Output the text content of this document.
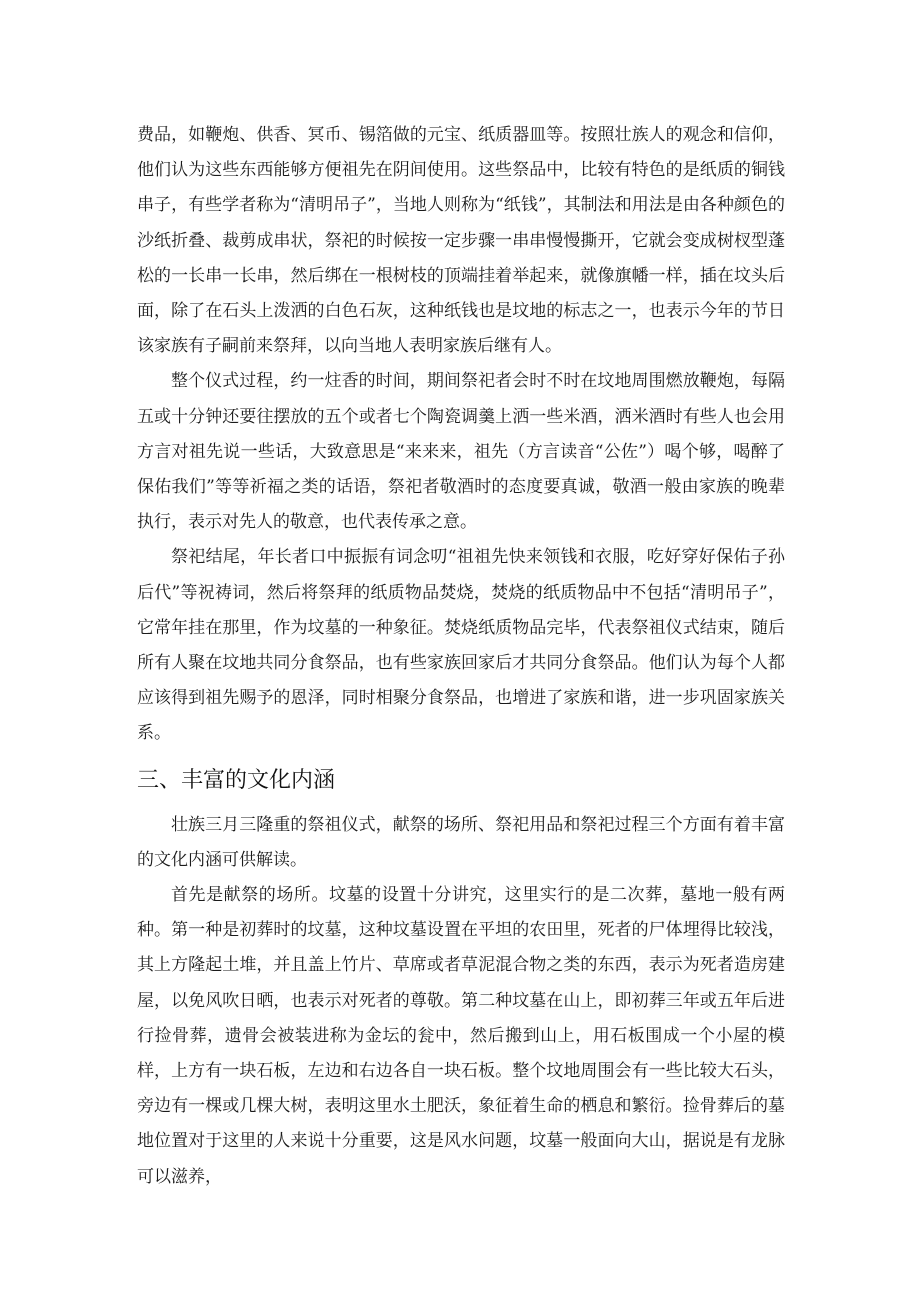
费品，如鞭炮、供香、冥币、锡箔做的元宝、纸质器皿等。按照壮族人的观念和信仰，他们认为这些东西能够方便祖先在阴间使用。这些祭品中，比较有特色的是纸质的铜钱串子，有些学者称为“清明吊子”，当地人则称为“纸钱”，其制法和用法是由各种颜色的沙纸折叠、裁剪成串状，祭祀的时候按一定步骤一串串慢慢撕开，它就会变成树杈型蓬松的一长串一长串，然后绑在一根树枝的顶端挂着举起来，就像旗幡一样，插在坟头后面，除了在石头上泼洒的白色石灰，这种纸钱也是坟地的标志之一，也表示今年的节日该家族有子嗣前来祭拜，以向当地人表明家族后继有人。

整个仪式过程，约一炷香的时间，期间祭祀者会时不时在坟地周围燃放鞭炮，每隔五或十分钟还要往摆放的五个或者七个陶瓷调羹上洒一些米酒，洒米酒时有些人也会用方言对祖先说一些话，大致意思是“来来来，祖先（方言读音“公佐”）喝个够，喝醉了保佑我们”等等祈福之类的话语，祭祀者敬酒时的态度要真诚，敬酒一般由家族的晚辈执行，表示对先人的敬意，也代表传承之意。

祭祀结尾，年长者口中振振有词念叨“祖祖先快来领钱和衣服，吃好穿好保佑子孙后代”等祝祷词，然后将祭拜的纸质物品焚烧，焚烧的纸质物品中不包括“清明吊子”，它常年挂在那里，作为坟墓的一种象征。焚烧纸质物品完毕，代表祭祖仪式结束，随后所有人聚在坟地共同分食祭品，也有些家族回家后才共同分食祭品。他们认为每个人都应该得到祖先赐予的恩泽，同时相聚分食祭品，也增进了家族和谐，进一步巩固家族关系。

三、丰富的文化内涵

壮族三月三隆重的祭祖仪式，献祭的场所、祭祀用品和祭祀过程三个方面有着丰富的文化内涵可供解读。

首先是献祭的场所。坟墓的设置十分讲究，这里实行的是二次葬，墓地一般有两种。第一种是初葬时的坟墓，这种坟墓设置在平坦的农田里，死者的尸体埋得比较浅，其上方隆起土堆，并且盖上竹片、草席或者草泥混合物之类的东西，表示为死者造房建屋，以免风吹日晒，也表示对死者的尊敬。第二种坟墓在山上，即初葬三年或五年后进行捡骨葬，遗骨会被装进称为金坛的瓮中，然后搬到山上，用石板围成一个小屋的模样，上方有一块石板，左边和右边各自一块石板。整个坟地周围会有一些比较大石头，旁边有一棵或几棵大树，表明这里水土肥沃，象征着生命的栖息和繁衍。捡骨葬后的墓地位置对于这里的人来说十分重要，这是风水问题，坟墓一般面向大山，据说是有龙脉可以滋养，
